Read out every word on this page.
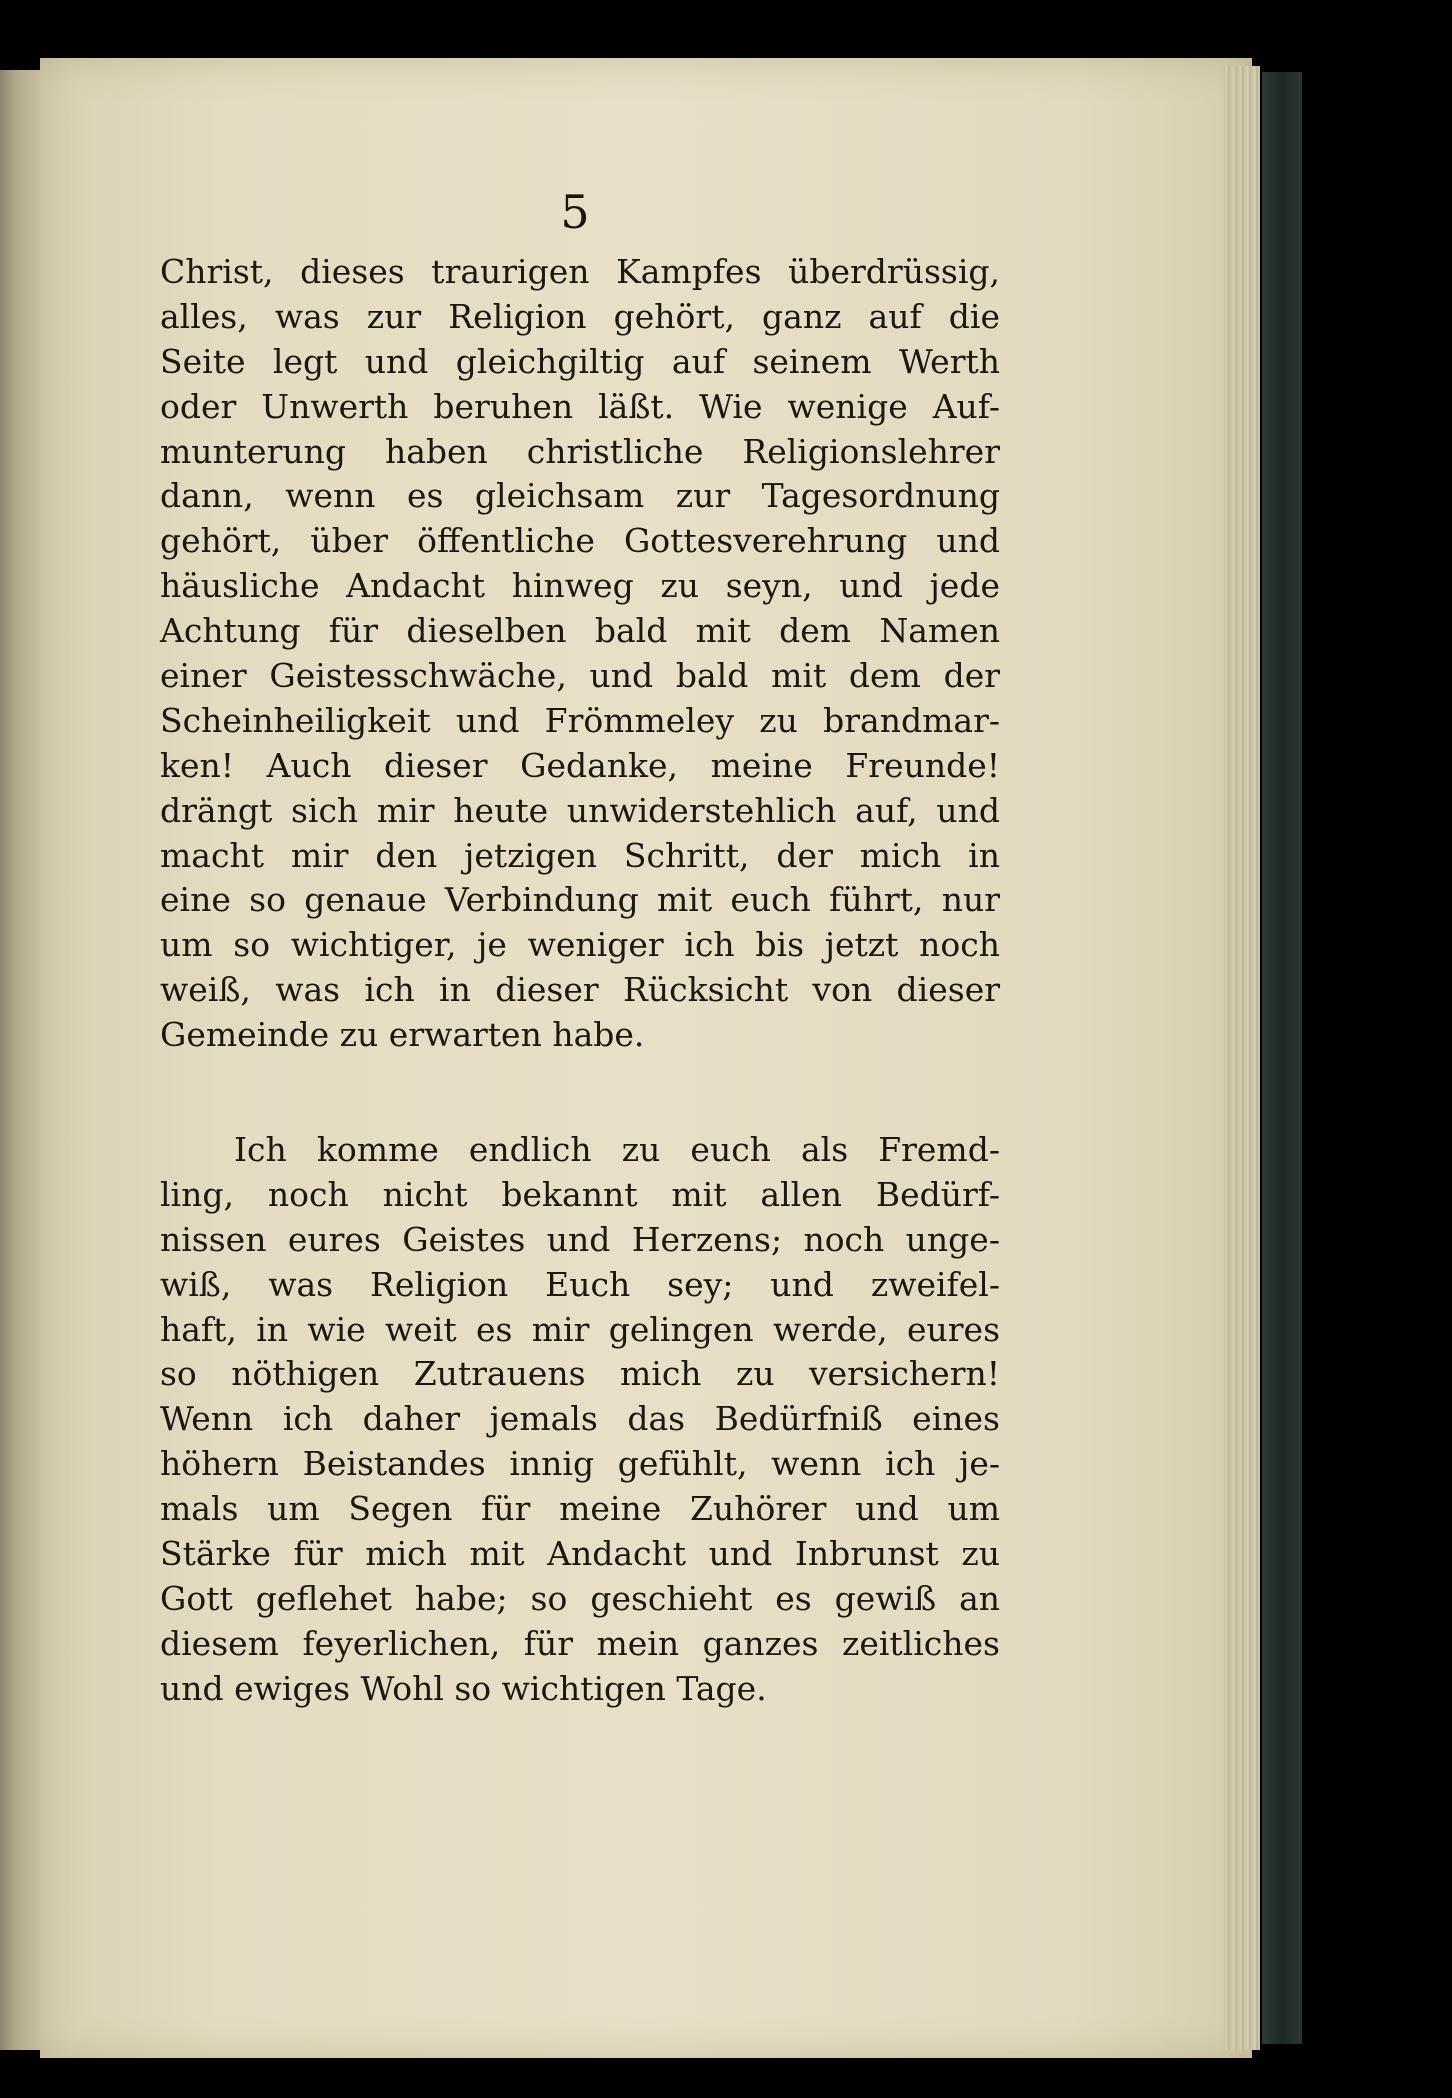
5
Christ, dieses traurigen Kampfes überdrüssig,
alles, was zur Religion gehört, ganz auf die
Seite legt und gleichgiltig auf seinem Werth
oder Unwerth beruhen läßt. Wie wenige Auf-
munterung haben christliche Religionslehrer
dann, wenn es gleichsam zur Tagesordnung
gehört, über öffentliche Gottesverehrung und
häusliche Andacht hinweg zu seyn, und jede
Achtung für dieselben bald mit dem Namen
einer Geistesschwäche, und bald mit dem der
Scheinheiligkeit und Frömmeley zu brandmar-
ken! Auch dieser Gedanke, meine Freunde!
drängt sich mir heute unwiderstehlich auf, und
macht mir den jetzigen Schritt, der mich in
eine so genaue Verbindung mit euch führt, nur
um so wichtiger, je weniger ich bis jetzt noch
weiß, was ich in dieser Rücksicht von dieser
Gemeinde zu erwarten habe.
Ich komme endlich zu euch als Fremd-
ling, noch nicht bekannt mit allen Bedürf-
nissen eures Geistes und Herzens; noch unge-
wiß, was Religion Euch sey; und zweifel-
haft, in wie weit es mir gelingen werde, eures
so nöthigen Zutrauens mich zu versichern!
Wenn ich daher jemals das Bedürfniß eines
höhern Beistandes innig gefühlt, wenn ich je-
mals um Segen für meine Zuhörer und um
Stärke für mich mit Andacht und Inbrunst zu
Gott geflehet habe; so geschieht es gewiß an
diesem feyerlichen, für mein ganzes zeitliches
und ewiges Wohl so wichtigen Tage.
